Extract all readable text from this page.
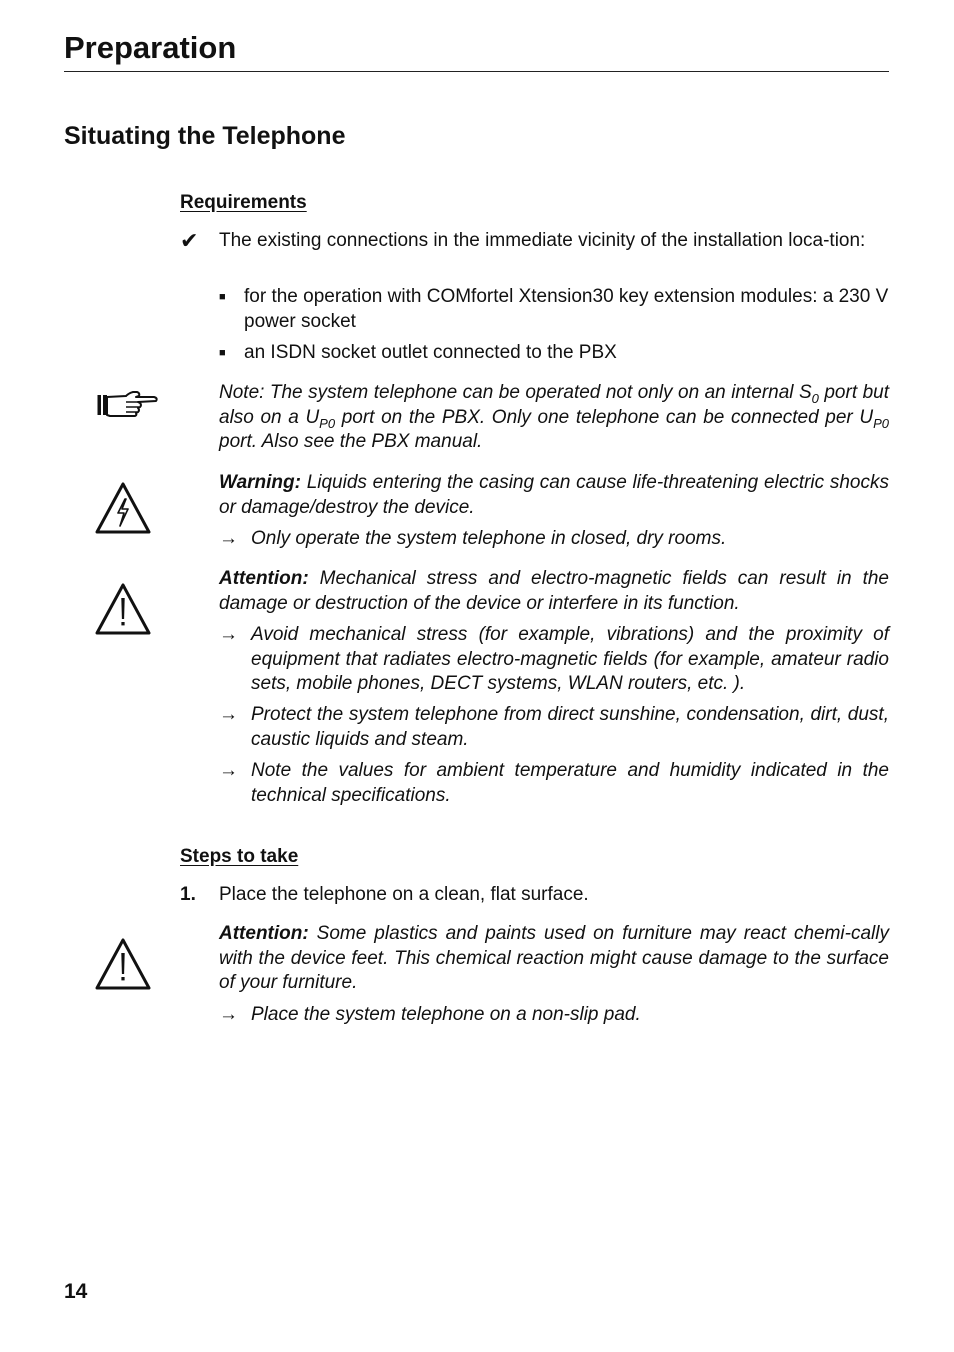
Preparation
Situating the Telephone
Requirements
✔	The existing connections in the immediate vicinity of the installation loca-tion:
■ for the operation with COMfortel Xtension30 key extension modules: a 230 V power socket
■ an ISDN socket outlet connected to the PBX
Note: The system telephone can be operated not only on an internal $S_0$ port but also on a $U_{P0}$ port on the PBX. Only one telephone can be connected per $U_{P0}$ port. Also see the PBX manual.
Warning: Liquids entering the casing can cause life-threatening electric shocks or damage/destroy the device.
→ Only operate the system telephone in closed, dry rooms.
Attention: Mechanical stress and electro-magnetic fields can result in the damage or destruction of the device or interfere in its function.
→ Avoid mechanical stress (for example, vibrations) and the proximity of equipment that radiates electro-magnetic fields (for example, amateur radio sets, mobile phones, DECT systems, WLAN routers, etc. ).
→ Protect the system telephone from direct sunshine, condensation, dirt, dust, caustic liquids and steam.
→ Note the values for ambient temperature and humidity indicated in the technical specifications.
Steps to take
1.	Place the telephone on a clean, flat surface.
Attention: Some plastics and paints used on furniture may react chemi-cally with the device feet. This chemical reaction might cause damage to the surface of your furniture.
→ Place the system telephone on a non-slip pad.
14
